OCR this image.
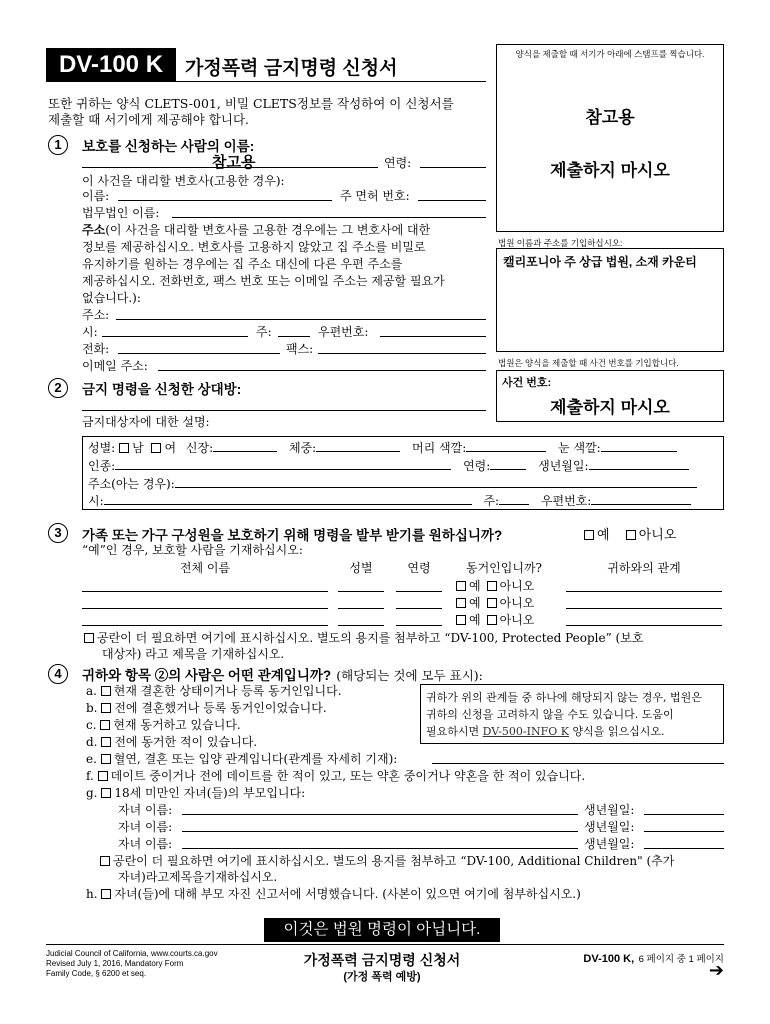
DV-100 K	가정폭력 금지명령 신청서
또한 귀하는 양식 CLETS-001, 비밀 CLETS정보를 작성하여 이 신청서를
제출할 때 서기에게 제공해야 합니다.
양식을 제출할 때 서기가 아래에 스탬프를 찍습니다.
참고용
제출하지 마시오
법원 이름과 주소를 기입하십시오:
캘리포니아 주 상급 법원, 소재 카운티
법원은 양식을 제출할 때 사건 번호를 기입합니다.
사건 번호:
제출하지 마시오
1	보호를 신청하는 사람의 이름:
참고용	연령:
이 사건을 대리할 변호사(고용한 경우):
이름:	주 면허 번호:
법무법인 이름:
주소(이 사건을 대리할 변호사를 고용한 경우에는 그 변호사에 대한
정보를 제공하십시오. 변호사를 고용하지 않았고 집 주소를 비밀로
유지하기를 원하는 경우에는 집 주소 대신에 다른 우편 주소를
제공하십시오. 전화번호, 팩스 번호 또는 이메일 주소는 제공할 필요가
없습니다.):
주소:
시:	주:	우편번호:
전화:	팩스:
이메일 주소:
2	금지 명령을 신청한 상대방:
금지대상자에 대한 설명:
성별: 남 여 신장:	체중:	머리 색깔:	눈 색깔:
인종:	연령:	생년월일:
주소(아는 경우):
시:	주:	우편번호:
3	가족 또는 가구 구성원을 보호하기 위해 명령을 발부 받기를 원하십니까?	예 아니오
“예”인 경우, 보호할 사람을 기재하십시오:
전체 이름	성별	연령	동거인입니까?	귀하와의 관계
예 아니오
예 아니오
예 아니오
공란이 더 필요하면 여기에 표시하십시오. 별도의 용지를 첨부하고 “DV-100, Protected People” (보호
대상자) 라고 제목을 기재하십시오.
4	귀하와 항목 ②의 사람은 어떤 관계입니까? (해당되는 것에 모두 표시):
a. 현재 결혼한 상태이거나 등록 동거인입니다.
b. 전에 결혼했거나 등록 동거인이었습니다.
c. 현재 동거하고 있습니다.
d. 전에 동거한 적이 있습니다.
귀하가 위의 관계들 중 하나에 해당되지 않는 경우, 법원은
귀하의 신청을 고려하지 않을 수도 있습니다. 도움이
필요하시면 DV-500-INFO K 양식을 읽으십시오.
e. 혈연, 결혼 또는 입양 관계입니다(관계를 자세히 기재):
f. 데이트 중이거나 전에 데이트를 한 적이 있고, 또는 약혼 중이거나 약혼을 한 적이 있습니다.
g. 18세 미만인 자녀(들)의 부모입니다:
자녀 이름:	생년월일:
자녀 이름:	생년월일:
자녀 이름:	생년월일:
공란이 더 필요하면 여기에 표시하십시오. 별도의 용지를 첨부하고 “DV-100, Additional Children" (추가
자녀)라고제목을기재하십시오.
h. 자녀(들)에 대해 부모 자진 신고서에 서명했습니다. (사본이 있으면 여기에 첨부하십시오.)
이것은 법원 명령이 아닙니다.
Judicial Council of California, www.courts.ca.gov
Revised July 1, 2016, Mandatory Form
Family Code, § 6200 et seq.
가정폭력 금지명령 신청서
(가정 폭력 예방)
DV-100 K, 6 페이지 중 1 페이지
➔
